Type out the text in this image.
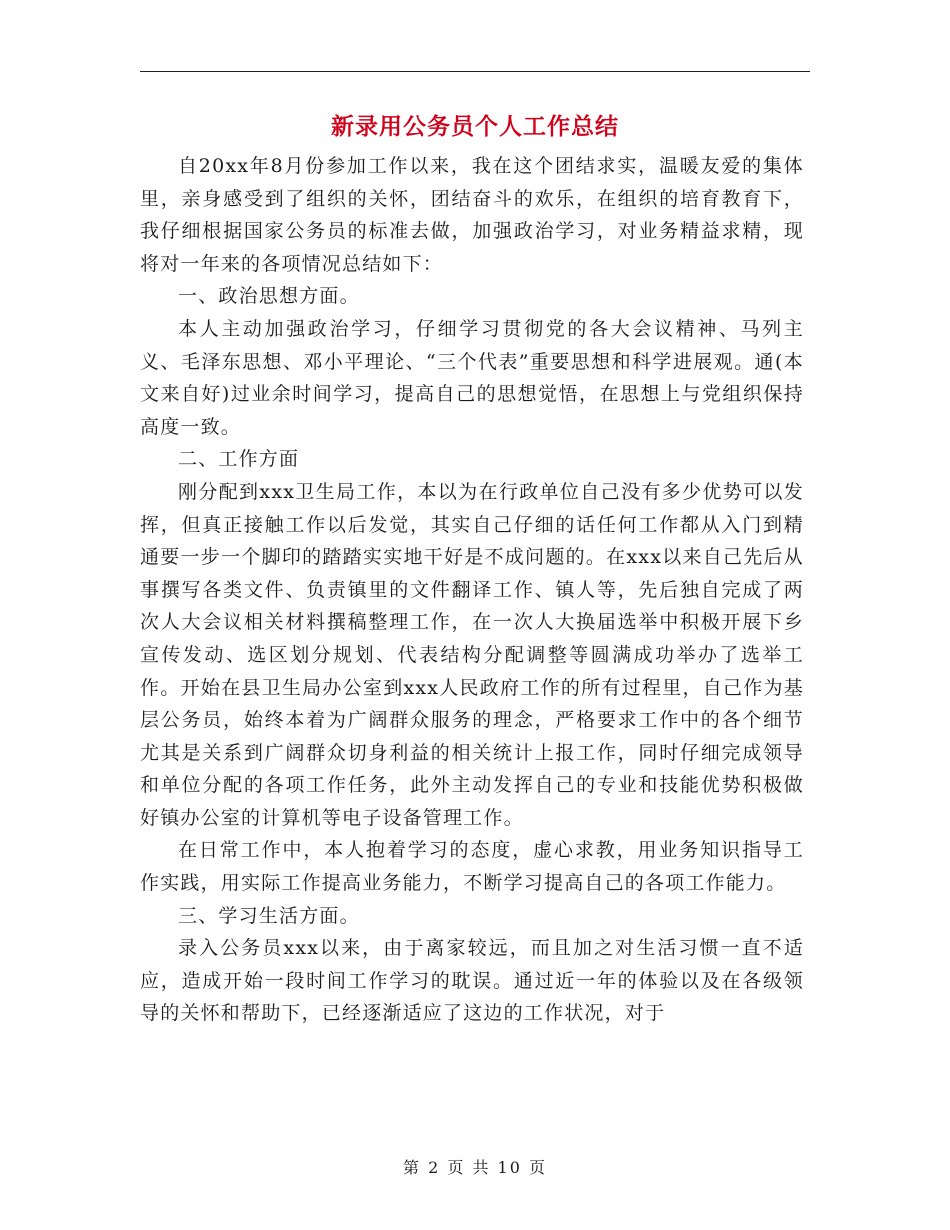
新录用公务员个人工作总结

自20xx年8月份参加工作以来，我在这个团结求实，温暖友爱的集体里，亲身感受到了组织的关怀，团结奋斗的欢乐，在组织的培育教育下，我仔细根据国家公务员的标准去做，加强政治学习，对业务精益求精，现将对一年来的各项情况总结如下：

一、政治思想方面。

本人主动加强政治学习，仔细学习贯彻党的各大会议精神、马列主义、毛泽东思想、邓小平理论、“三个代表”重要思想和科学进展观。通(本文来自好)过业余时间学习，提高自己的思想觉悟，在思想上与党组织保持高度一致。

二、工作方面

刚分配到xxx卫生局工作，本以为在行政单位自己没有多少优势可以发挥，但真正接触工作以后发觉，其实自己仔细的话任何工作都从入门到精通要一步一个脚印的踏踏实实地干好是不成问题的。在xxx以来自己先后从事撰写各类文件、负责镇里的文件翻译工作、镇人等，先后独自完成了两次人大会议相关材料撰稿整理工作，在一次人大换届选举中积极开展下乡宣传发动、选区划分规划、代表结构分配调整等圆满成功举办了选举工作。开始在县卫生局办公室到xxx人民政府工作的所有过程里，自己作为基层公务员，始终本着为广阔群众服务的理念，严格要求工作中的各个细节尤其是关系到广阔群众切身利益的相关统计上报工作，同时仔细完成领导和单位分配的各项工作任务，此外主动发挥自己的专业和技能优势积极做好镇办公室的计算机等电子设备管理工作。

在日常工作中，本人抱着学习的态度，虚心求教，用业务知识指导工作实践，用实际工作提高业务能力，不断学习提高自己的各项工作能力。

三、学习生活方面。

录入公务员xxx以来，由于离家较远，而且加之对生活习惯一直不适应，造成开始一段时间工作学习的耽误。通过近一年的体验以及在各级领导的关怀和帮助下，已经逐渐适应了这边的工作状况，对于

第 2 页 共 10 页
